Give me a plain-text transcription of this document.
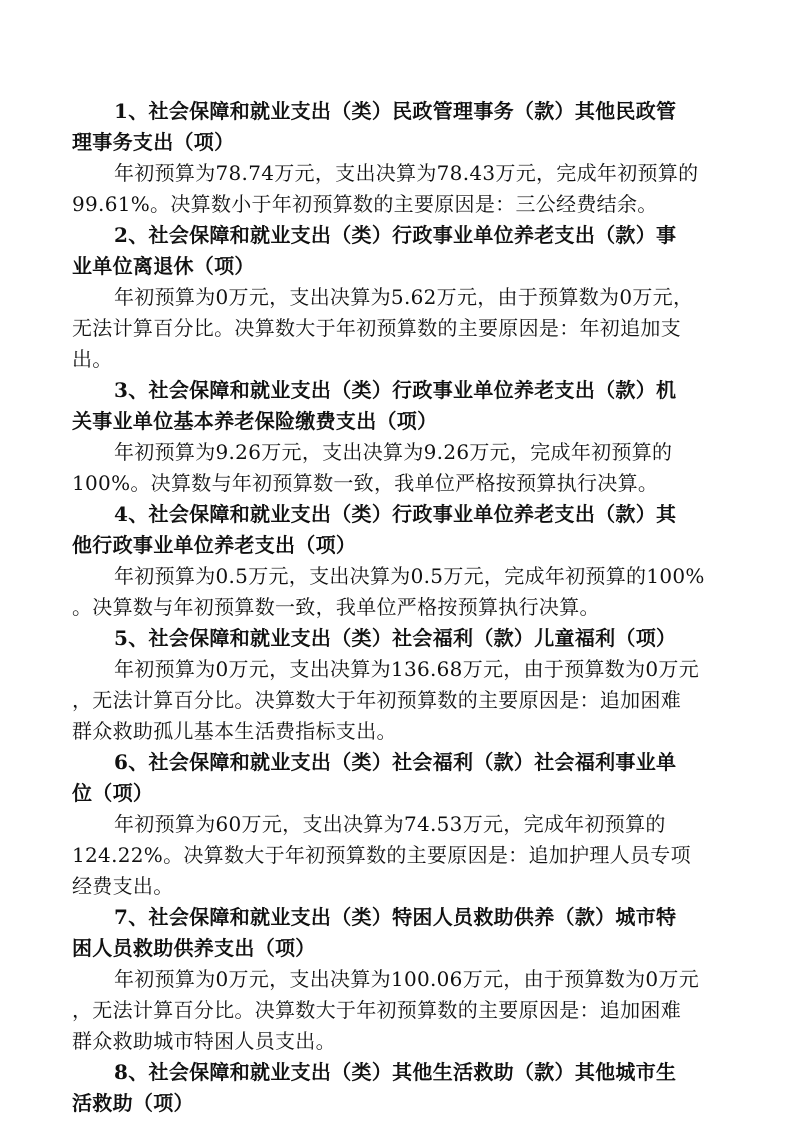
1、社会保障和就业支出（类）民政管理事务（款）其他民政管
理事务支出（项）
年初预算为78.74万元，支出决算为78.43万元，完成年初预算的
99.61%。决算数小于年初预算数的主要原因是：三公经费结余。
2、社会保障和就业支出（类）行政事业单位养老支出（款）事
业单位离退休（项）
年初预算为0万元，支出决算为5.62万元，由于预算数为0万元，
无法计算百分比。决算数大于年初预算数的主要原因是：年初追加支
出。
3、社会保障和就业支出（类）行政事业单位养老支出（款）机
关事业单位基本养老保险缴费支出（项）
年初预算为9.26万元，支出决算为9.26万元，完成年初预算的
100%。决算数与年初预算数一致，我单位严格按预算执行决算。
4、社会保障和就业支出（类）行政事业单位养老支出（款）其
他行政事业单位养老支出（项）
年初预算为0.5万元，支出决算为0.5万元，完成年初预算的100%
。决算数与年初预算数一致，我单位严格按预算执行决算。
5、社会保障和就业支出（类）社会福利（款）儿童福利（项）
年初预算为0万元，支出决算为136.68万元，由于预算数为0万元
，无法计算百分比。决算数大于年初预算数的主要原因是：追加困难
群众救助孤儿基本生活费指标支出。
6、社会保障和就业支出（类）社会福利（款）社会福利事业单
位（项）
年初预算为60万元，支出决算为74.53万元，完成年初预算的
124.22%。决算数大于年初预算数的主要原因是：追加护理人员专项
经费支出。
7、社会保障和就业支出（类）特困人员救助供养（款）城市特
困人员救助供养支出（项）
年初预算为0万元，支出决算为100.06万元，由于预算数为0万元
，无法计算百分比。决算数大于年初预算数的主要原因是：追加困难
群众救助城市特困人员支出。
8、社会保障和就业支出（类）其他生活救助（款）其他城市生
活救助（项）
